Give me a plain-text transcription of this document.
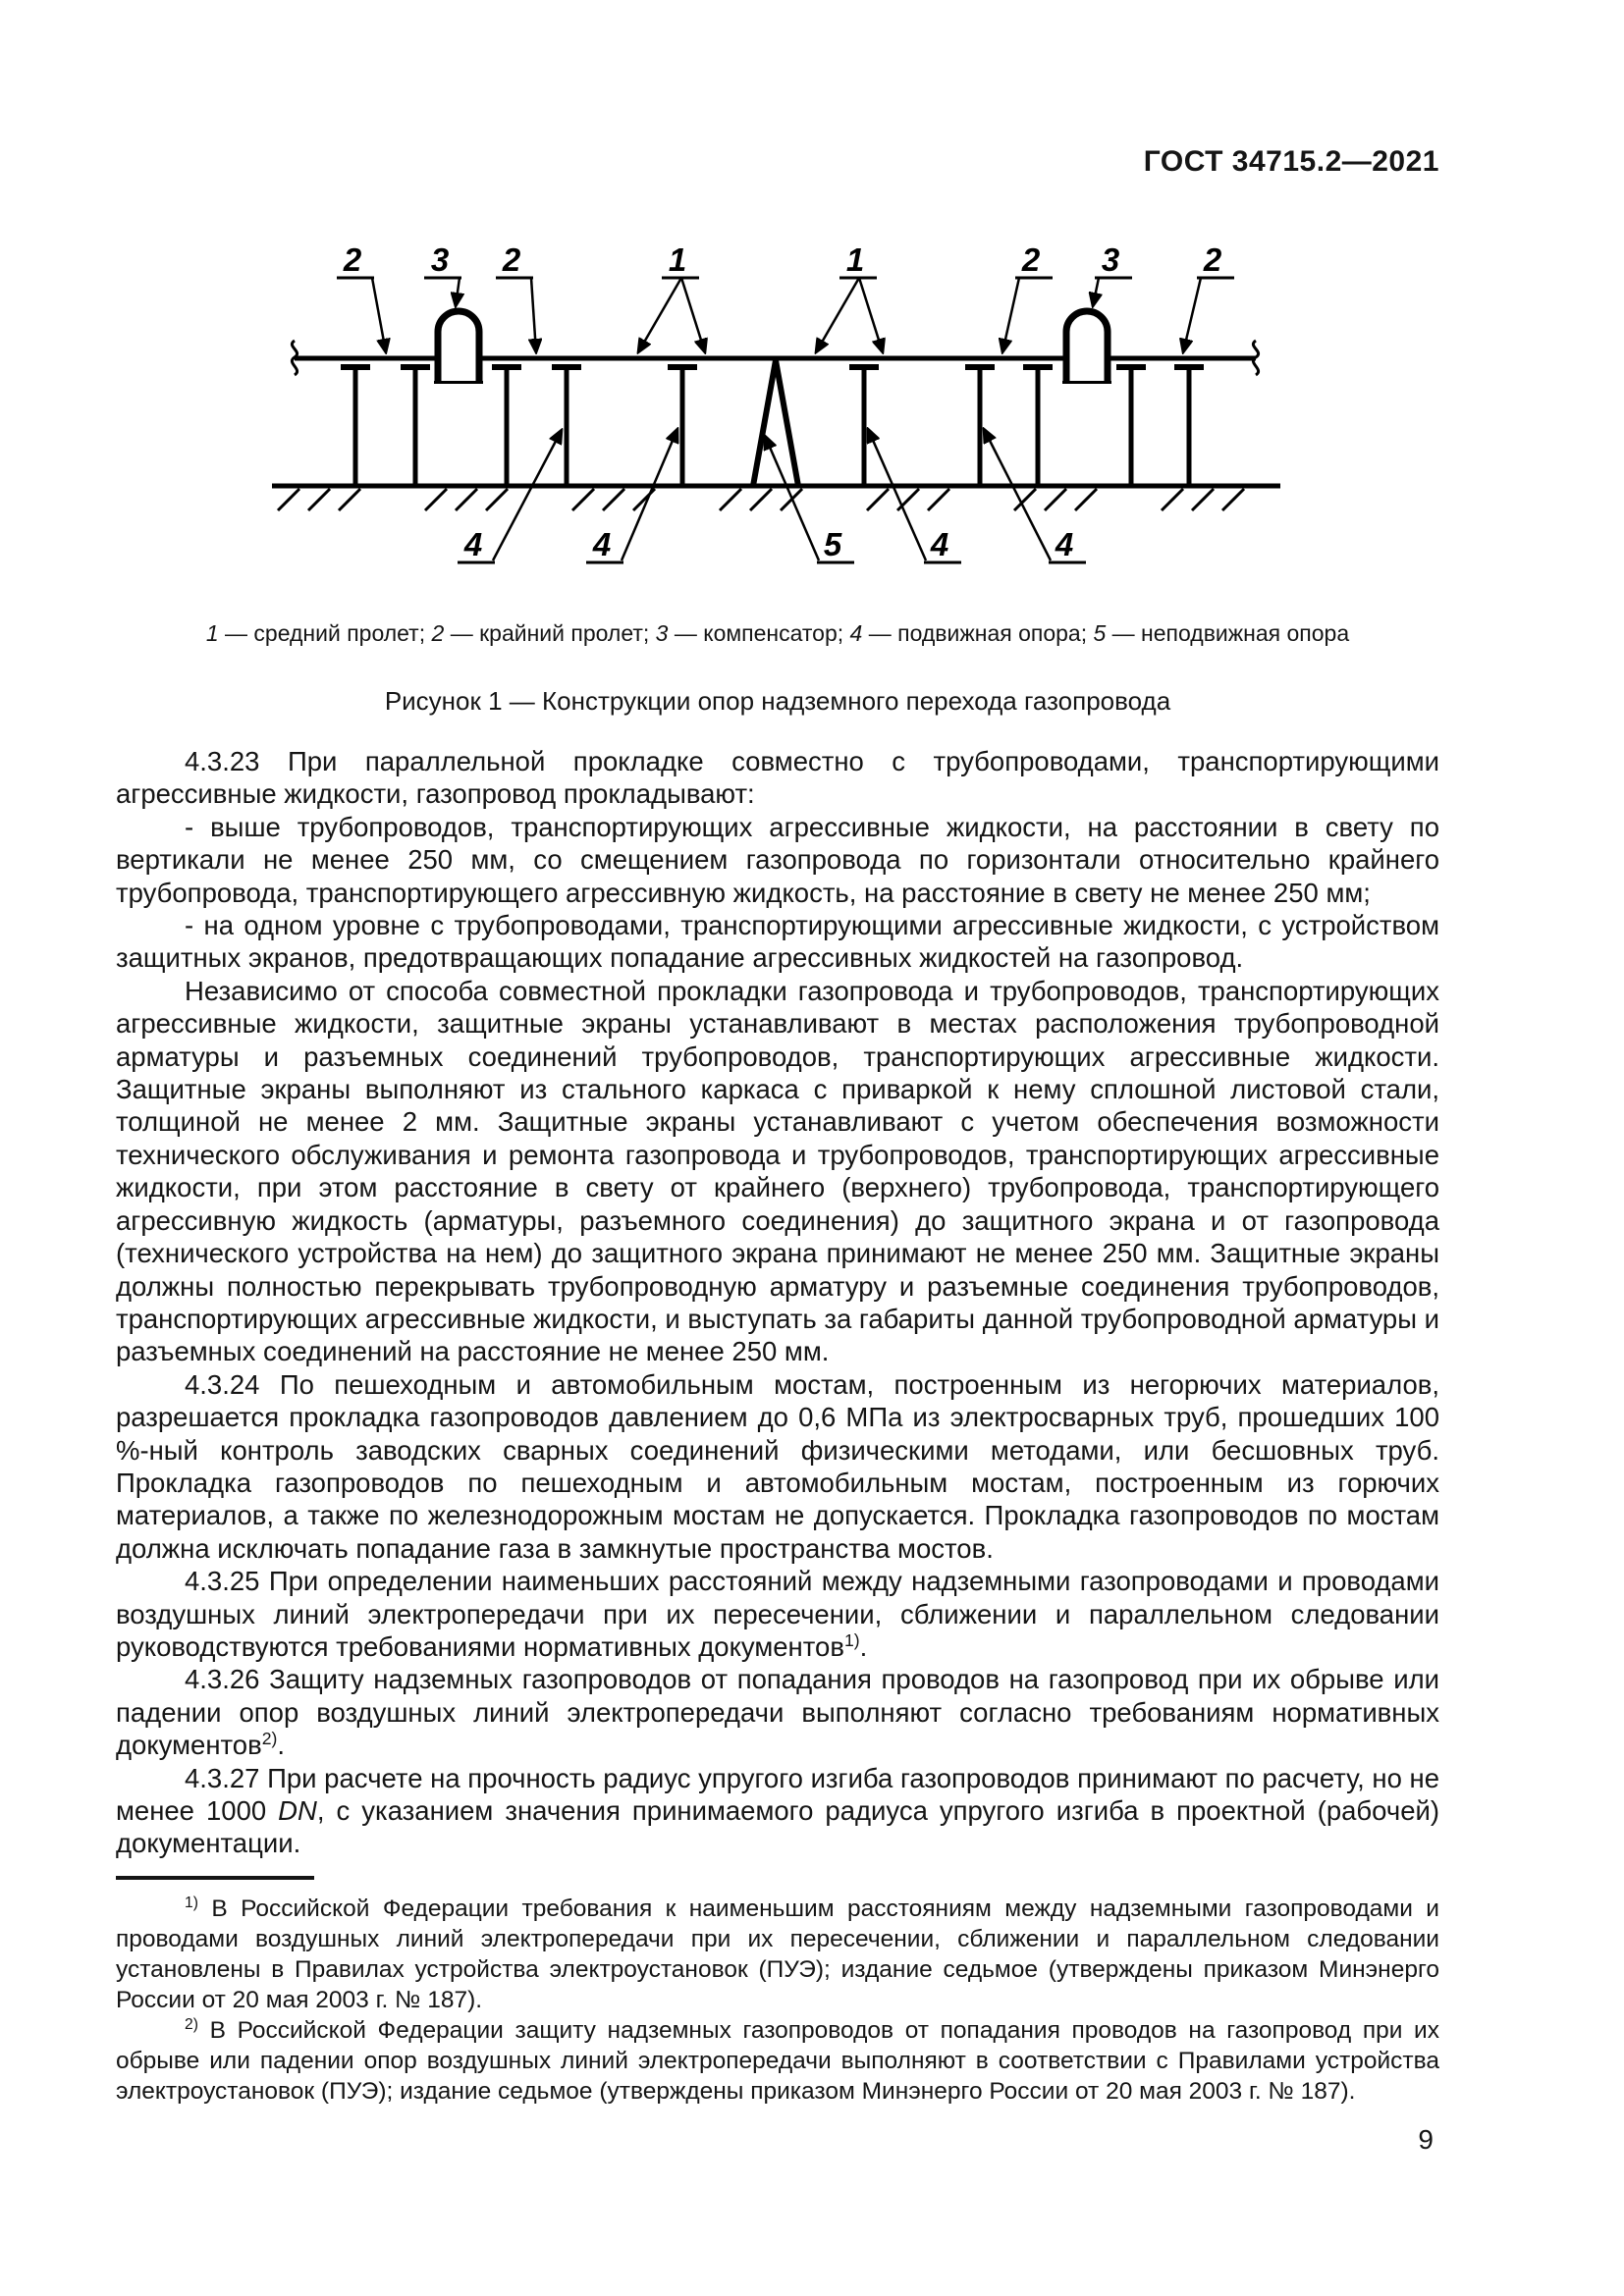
ГОСТ 34715.2—2021
2 3 2	1	1	2 3	2
4	4	5	4	4
1 — средний пролет; 2 — крайний пролет; 3 — компенсатор; 4 — подвижная опора; 5 — неподвижная опора
Рисунок 1 — Конструкции опор надземного перехода газопровода

4.3.23 При параллельной прокладке совместно с трубопроводами, транспортирующими агрессивные жидкости, газопровод прокладывают:

- выше трубопроводов, транспортирующих агрессивные жидкости, на расстоянии в свету по вертикали не менее 250 мм, со смещением газопровода по горизонтали относительно крайнего трубопровода, транспортирующего агрессивную жидкость, на расстояние в свету не менее 250 мм;

- на одном уровне с трубопроводами, транспортирующими агрессивные жидкости, с устройством защитных экранов, предотвращающих попадание агрессивных жидкостей на газопровод.

Независимо от способа совместной прокладки газопровода и трубопроводов, транспортирующих агрессивные жидкости, защитные экраны устанавливают в местах расположения трубопроводной арматуры и разъемных соединений трубопроводов, транспортирующих агрессивные жидкости. Защитные экраны выполняют из стального каркаса с приваркой к нему сплошной листовой стали, толщиной не менее 2 мм. Защитные экраны устанавливают с учетом обеспечения возможности технического обслуживания и ремонта газопровода и трубопроводов, транспортирующих агрессивные жидкости, при этом расстояние в свету от крайнего (верхнего) трубопровода, транспортирующего агрессивную жидкость (арматуры, разъемного соединения) до защитного экрана и от газопровода (технического устройства на нем) до защитного экрана принимают не менее 250 мм. Защитные экраны должны полностью перекрывать трубопроводную арматуру и разъемные соединения трубопроводов, транспортирующих агрессивные жидкости, и выступать за габариты данной трубопроводной арматуры и разъемных соединений на расстояние не менее 250 мм.

4.3.24 По пешеходным и автомобильным мостам, построенным из негорючих материалов, разрешается прокладка газопроводов давлением до 0,6 МПа из электросварных труб, прошедших 100 %-ный контроль заводских сварных соединений физическими методами, или бесшовных труб. Прокладка газопроводов по пешеходным и автомобильным мостам, построенным из горючих материалов, а также по железнодорожным мостам не допускается. Прокладка газопроводов по мостам должна исключать попадание газа в замкнутые пространства мостов.

4.3.25 При определении наименьших расстояний между надземными газопроводами и проводами воздушных линий электропередачи при их пересечении, сближении и параллельном следовании руководствуются требованиями нормативных документов$^{1)}$.

4.3.26 Защиту надземных газопроводов от попадания проводов на газопровод при их обрыве или падении опор воздушных линий электропередачи выполняют согласно требованиям нормативных документов$^{2)}$.

4.3.27 При расчете на прочность радиус упругого изгиба газопроводов принимают по расчету, но не менее 1000 DN, с указанием значения принимаемого радиуса упругого изгиба в проектной (рабочей) документации.

$^{1)}$ В Российской Федерации требования к наименьшим расстояниям между надземными газопроводами и проводами воздушных линий электропередачи при их пересечении, сближении и параллельном следовании установлены в Правилах устройства электроустановок (ПУЭ); издание седьмое (утверждены приказом Минэнерго России от 20 мая 2003 г. № 187).

$^{2)}$ В Российской Федерации защиту надземных газопроводов от попадания проводов на газопровод при их обрыве или падении опор воздушных линий электропередачи выполняют в соответствии с Правилами устройства электроустановок (ПУЭ); издание седьмое (утверждены приказом Минэнерго России от 20 мая 2003 г. № 187).

9
